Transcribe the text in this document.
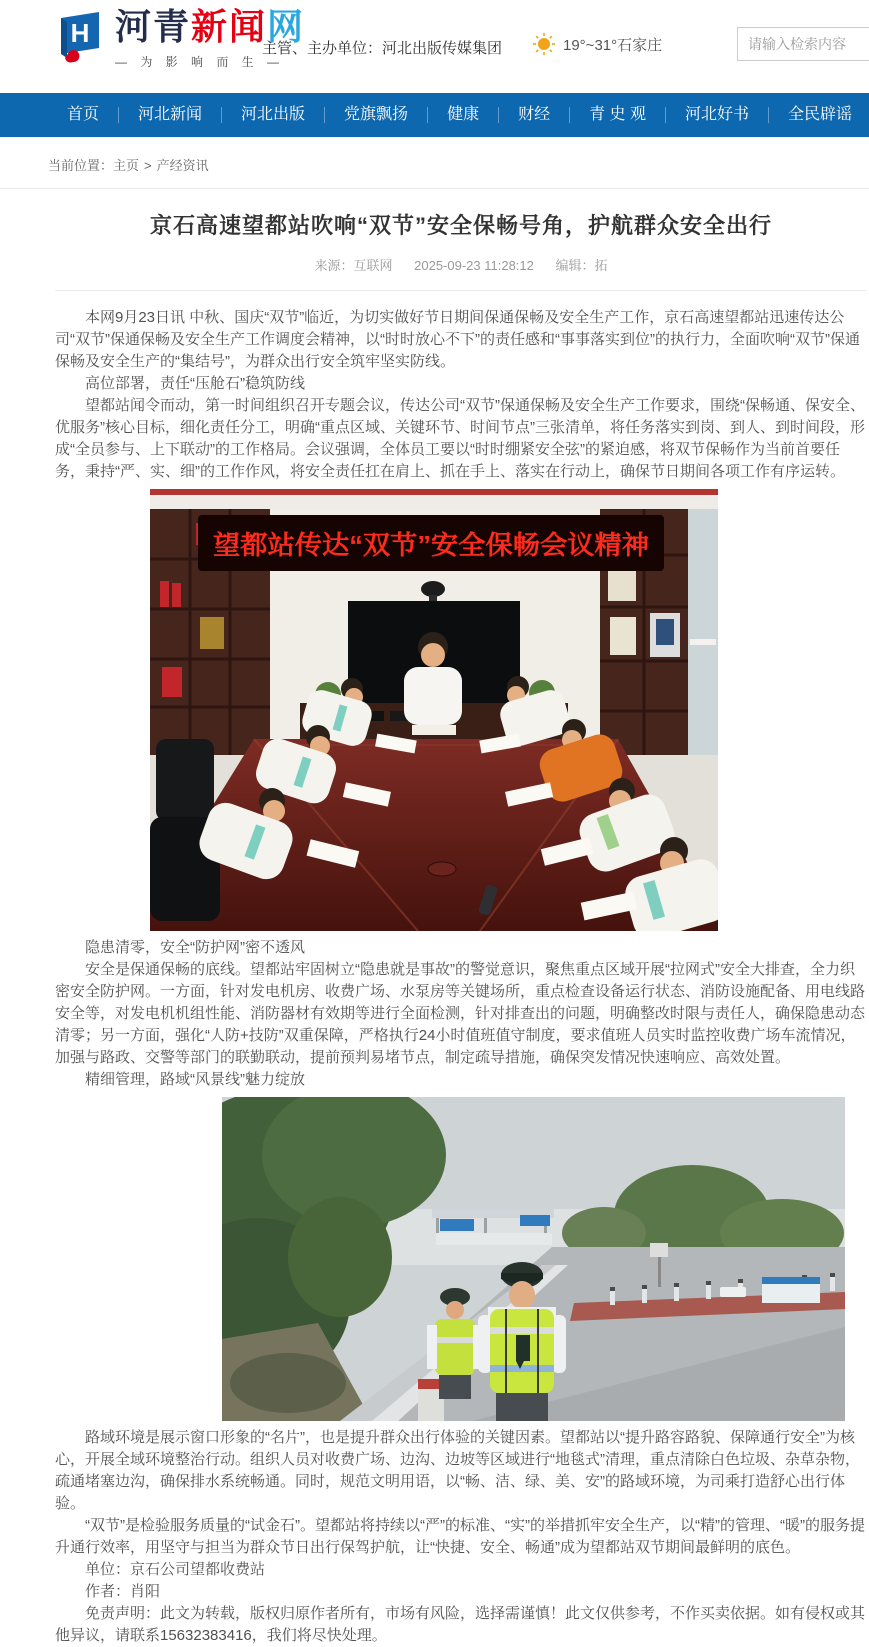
H 河青新闻网
— 为 影 响 而 生 —
主管、主办单位：河北出版传媒集团	19°~31°石家庄
请输入检索内容
首页	河北新闻	河北出版	党旗飘扬	健康	财经	青 史 观	河北好书	全民辟谣
当前位置：主页 > 产经资讯
京石高速望都站吹响“双节”安全保畅号角，护航群众安全出行
来源：互联网 2025-09-23 11:28:12 编辑：拓

本网9月23日讯 中秋、国庆“双节”临近，为切实做好节日期间保通保畅及安全生产工作，京石高速望都站迅速传达公司“双节”保通保畅及安全生产工作调度会精神，以“时时放心不下”的责任感和“事事落实到位”的执行力，全面吹响“双节”保通保畅及安全生产的“集结号”，为群众出行安全筑牢坚实防线。

高位部署，责任“压舱石”稳筑防线

望都站闻令而动，第一时间组织召开专题会议，传达公司“双节”保通保畅及安全生产工作要求，围绕“保畅通、保安全、优服务”核心目标，细化责任分工，明确“重点区域、关键环节、时间节点”三张清单，将任务落实到岗、到人、到时间段，形成“全员参与、上下联动”的工作格局。会议强调，全体员工要以“时时绷紧安全弦”的紧迫感，将双节保畅作为当前首要任务，秉持“严、实、细”的工作作风，将安全责任扛在肩上、抓在手上、落实在行动上，确保节日期间各项工作有序运转。

望都站传达“双节”安全保畅会议精神

隐患清零，安全“防护网”密不透风

安全是保通保畅的底线。望都站牢固树立“隐患就是事故”的警觉意识，聚焦重点区域开展“拉网式”安全大排查，全力织密安全防护网。一方面，针对发电机房、收费广场、水泵房等关键场所，重点检查设备运行状态、消防设施配备、用电线路安全等，对发电机机组性能、消防器材有效期等进行全面检测，针对排查出的问题，明确整改时限与责任人，确保隐患动态清零；另一方面，强化“人防+技防”双重保障，严格执行24小时值班值守制度，要求值班人员实时监控收费广场车流情况，加强与路政、交警等部门的联勤联动，提前预判易堵节点，制定疏导措施，确保突发情况快速响应、高效处置。

精细管理，路域“风景线”魅力绽放

路域环境是展示窗口形象的“名片”，也是提升群众出行体验的关键因素。望都站以“提升路容路貌、保障通行安全”为核心，开展全域环境整治行动。组织人员对收费广场、边沟、边坡等区域进行“地毯式”清理，重点清除白色垃圾、杂草杂物，疏通堵塞边沟，确保排水系统畅通。同时，规范文明用语，以“畅、洁、绿、美、安”的路域环境，为司乘打造舒心出行体验。

“双节”是检验服务质量的“试金石”。望都站将持续以“严”的标准、“实”的举措抓牢安全生产，以“精”的管理、“暖”的服务提升通行效率，用坚守与担当为群众节日出行保驾护航，让“快捷、安全、畅通”成为望都站双节期间最鲜明的底色。

单位：京石公司望都收费站

作者：肖阳

免责声明：此文为转载，版权归原作者所有，市场有风险，选择需谨慎！此文仅供参考，不作买卖依据。如有侵权或其他异议，请联系15632383416，我们将尽快处理。
